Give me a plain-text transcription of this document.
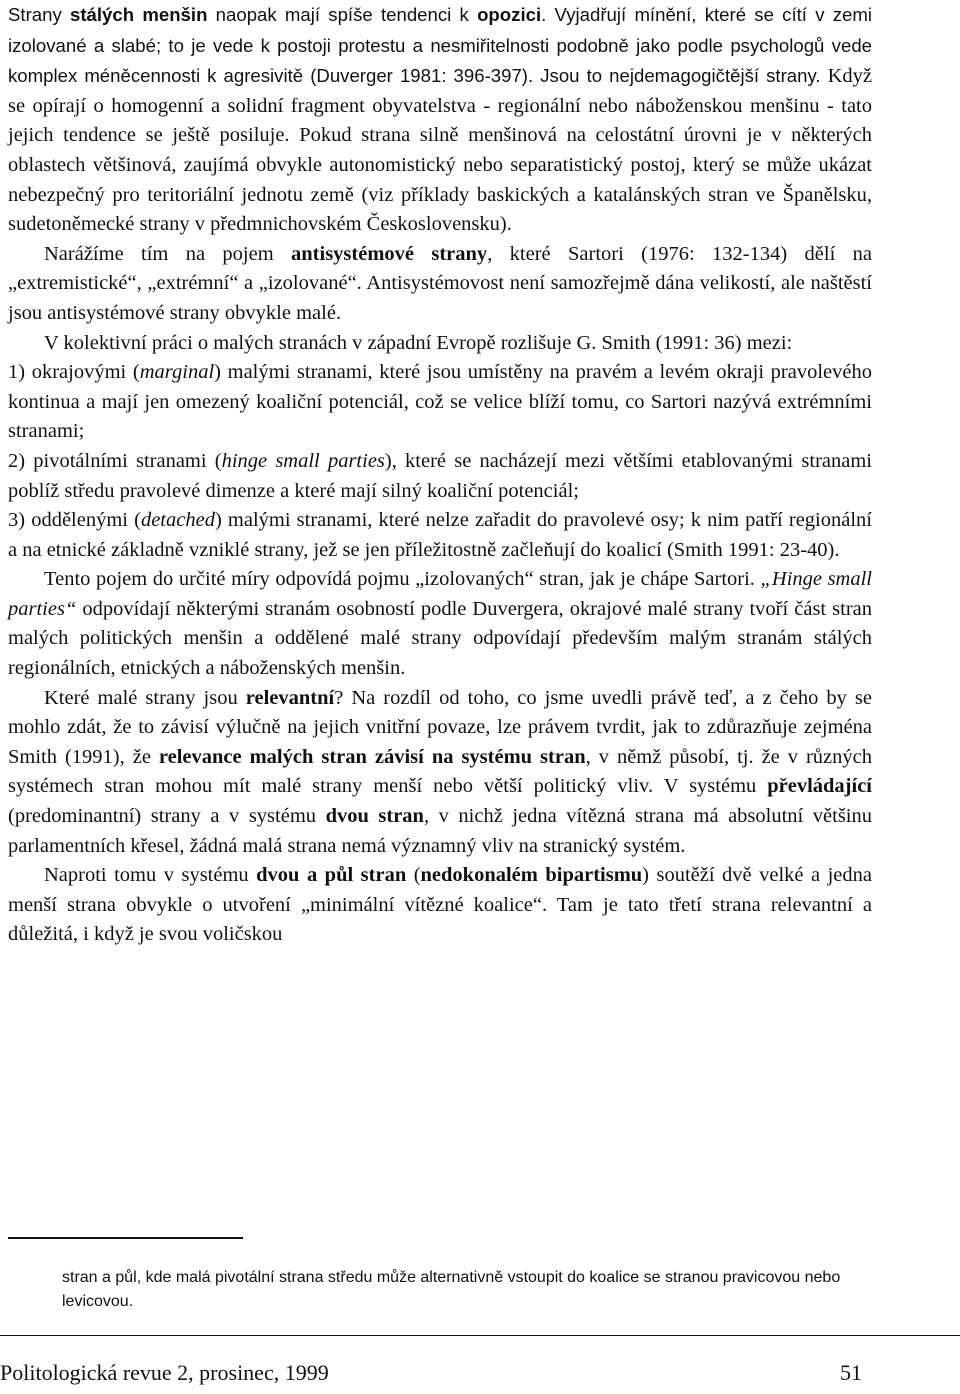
Strany stálých menšin naopak mají spíše tendenci k opozici. Vyjadřují mínění, které se cítí v zemi izolované a slabé; to je vede k postoji protestu a nesmiřitelnosti podobně jako podle psychologů vede komplex méněcennosti k agresivitě (Duverger 1981: 396-397). Jsou to nejdemagogičtější strany. Když se opírají o homogenní a solidní fragment obyvatelstva - regionální nebo náboženskou menšinu - tato jejich tendence se ještě posiluje. Pokud strana silně menšinová na celostátní úrovni je v některých oblastech většinová, zaujímá obvykle autonomistický nebo separatistický postoj, který se může ukázat nebezpečný pro teritoriální jednotu země (viz příklady baskických a katalánských stran ve Španělsku, sudetoněmecké strany v předmnichovském Československu).

Narážíme tím na pojem antisystémové strany, které Sartori (1976: 132-134) dělí na „extremistické“, „extrémní“ a „izolované“. Antisystémovost není samozřejmě dána velikostí, ale naštěstí jsou antisystémové strany obvykle malé.

V kolektivní práci o malých stranách v západní Evropě rozlišuje G. Smith (1991: 36) mezi:

1) okrajovými (marginal) malými stranami, které jsou umístěny na pravém a levém okraji pravolevého kontinua a mají jen omezený koaliční potenciál, což se velice blíží tomu, co Sartori nazývá extrémními stranami;

2) pivotálními stranami (hinge small parties), které se nacházejí mezi většími etablovanými stranami poblíž středu pravolevé dimenze a které mají silný koaliční potenciál;

3) oddělenými (detached) malými stranami, které nelze zařadit do pravolevé osy; k nim patří regionální a na etnické základně vzniklé strany, jež se jen příležitostně začleňují do koalicí (Smith 1991: 23-40).

Tento pojem do určité míry odpovídá pojmu „izolovaných“ stran, jak je chápe Sartori. „Hinge small parties“ odpovídají některými stranám osobností podle Duvergera, okrajové malé strany tvoří část stran malých politických menšin a oddělené malé strany odpovídají především malým stranám stálých regionálních, etnických a náboženských menšin.

Které malé strany jsou relevantní? Na rozdíl od toho, co jsme uvedli právě teď, a z čeho by se mohlo zdát, že to závisí výlučně na jejich vnitřní povaze, lze právem tvrdit, jak to zdůrazňuje zejména Smith (1991), že relevance malých stran závisí na systému stran, v němž působí, tj. že v různých systémech stran mohou mít malé strany menší nebo větší politický vliv. V systému převládající (predominantní) strany a v systému dvou stran, v nichž jedna vítězná strana má absolutní většinu parlamentních křesel, žádná malá strana nemá významný vliv na stranický systém.

Naproti tomu v systému dvou a půl stran (nedokonalém bipartismu) soutěží dvě velké a jedna menší strana obvykle o utvoření „minimální vítězné koalice“. Tam je tato třetí strana relevantní a důležitá, i když je svou voličskou

stran a půl, kde malá pivotální strana středu může alternativně vstoupit do koalice se stranou pravicovou nebo levicovou.
Politologická revue 2, prosinec, 1999	51
